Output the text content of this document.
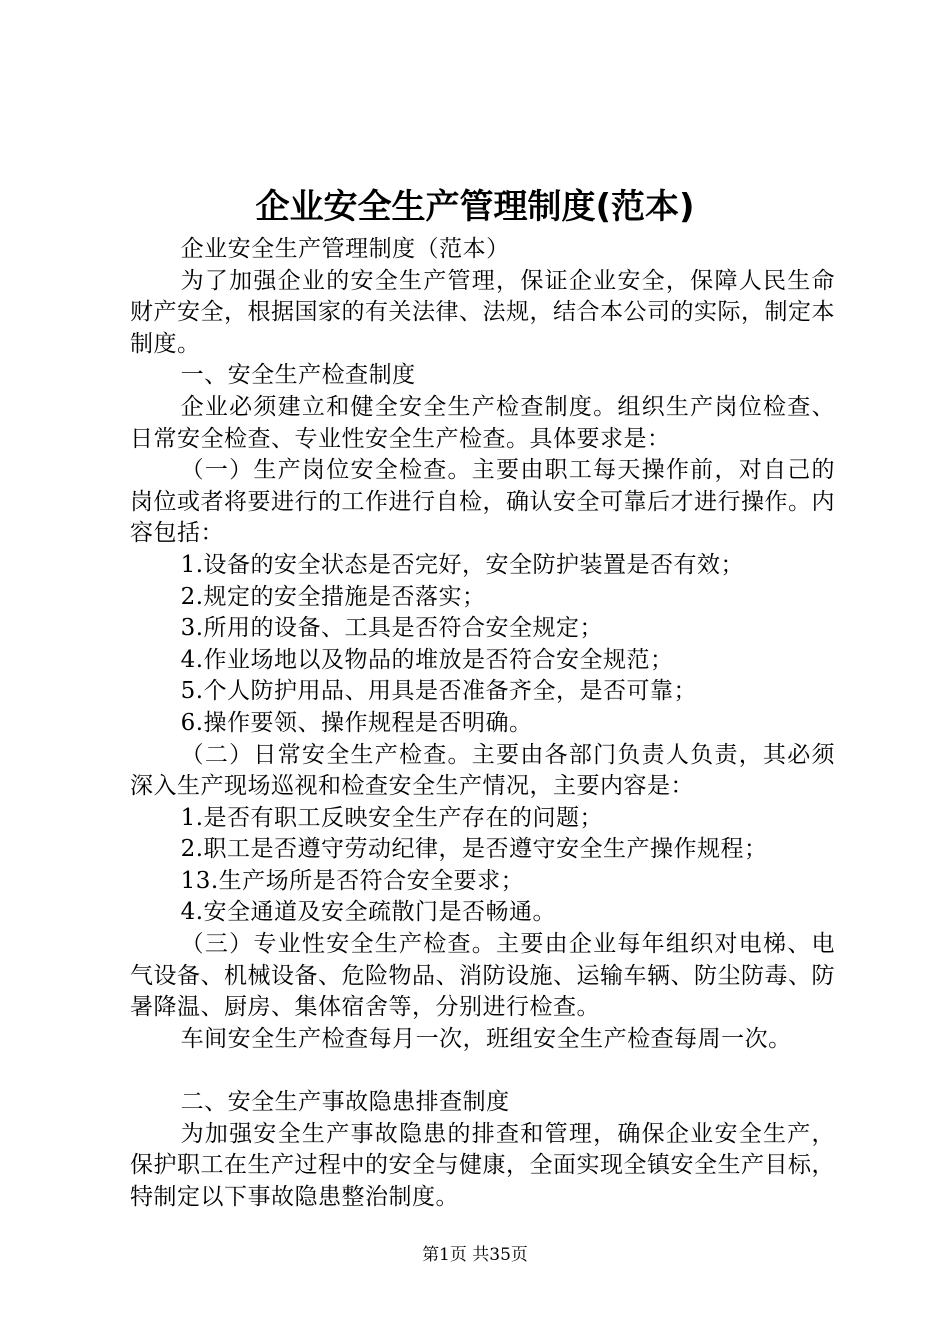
企业安全生产管理制度(范本)

企业安全生产管理制度（范本）

为了加强企业的安全生产管理，保证企业安全，保障人民生命财产安全，根据国家的有关法律、法规，结合本公司的实际，制定本制度。

一、安全生产检查制度

企业必须建立和健全安全生产检查制度。组织生产岗位检查、日常安全检查、专业性安全生产检查。具体要求是：

（一）生产岗位安全检查。主要由职工每天操作前，对自己的岗位或者将要进行的工作进行自检，确认安全可靠后才进行操作。内容包括：

1.设备的安全状态是否完好，安全防护装置是否有效；

2.规定的安全措施是否落实；

3.所用的设备、工具是否符合安全规定；

4.作业场地以及物品的堆放是否符合安全规范；

5.个人防护用品、用具是否准备齐全，是否可靠；

6.操作要领、操作规程是否明确。

（二）日常安全生产检查。主要由各部门负责人负责，其必须深入生产现场巡视和检查安全生产情况，主要内容是：

1.是否有职工反映安全生产存在的问题；

2.职工是否遵守劳动纪律，是否遵守安全生产操作规程；

13.生产场所是否符合安全要求；

4.安全通道及安全疏散门是否畅通。

（三）专业性安全生产检查。主要由企业每年组织对电梯、电气设备、机械设备、危险物品、消防设施、运输车辆、防尘防毒、防暑降温、厨房、集体宿舍等，分别进行检查。

车间安全生产检查每月一次，班组安全生产检查每周一次。

二、安全生产事故隐患排查制度

为加强安全生产事故隐患的排查和管理，确保企业安全生产，保护职工在生产过程中的安全与健康，全面实现全镇安全生产目标，特制定以下事故隐患整治制度。

第1页 共35页
